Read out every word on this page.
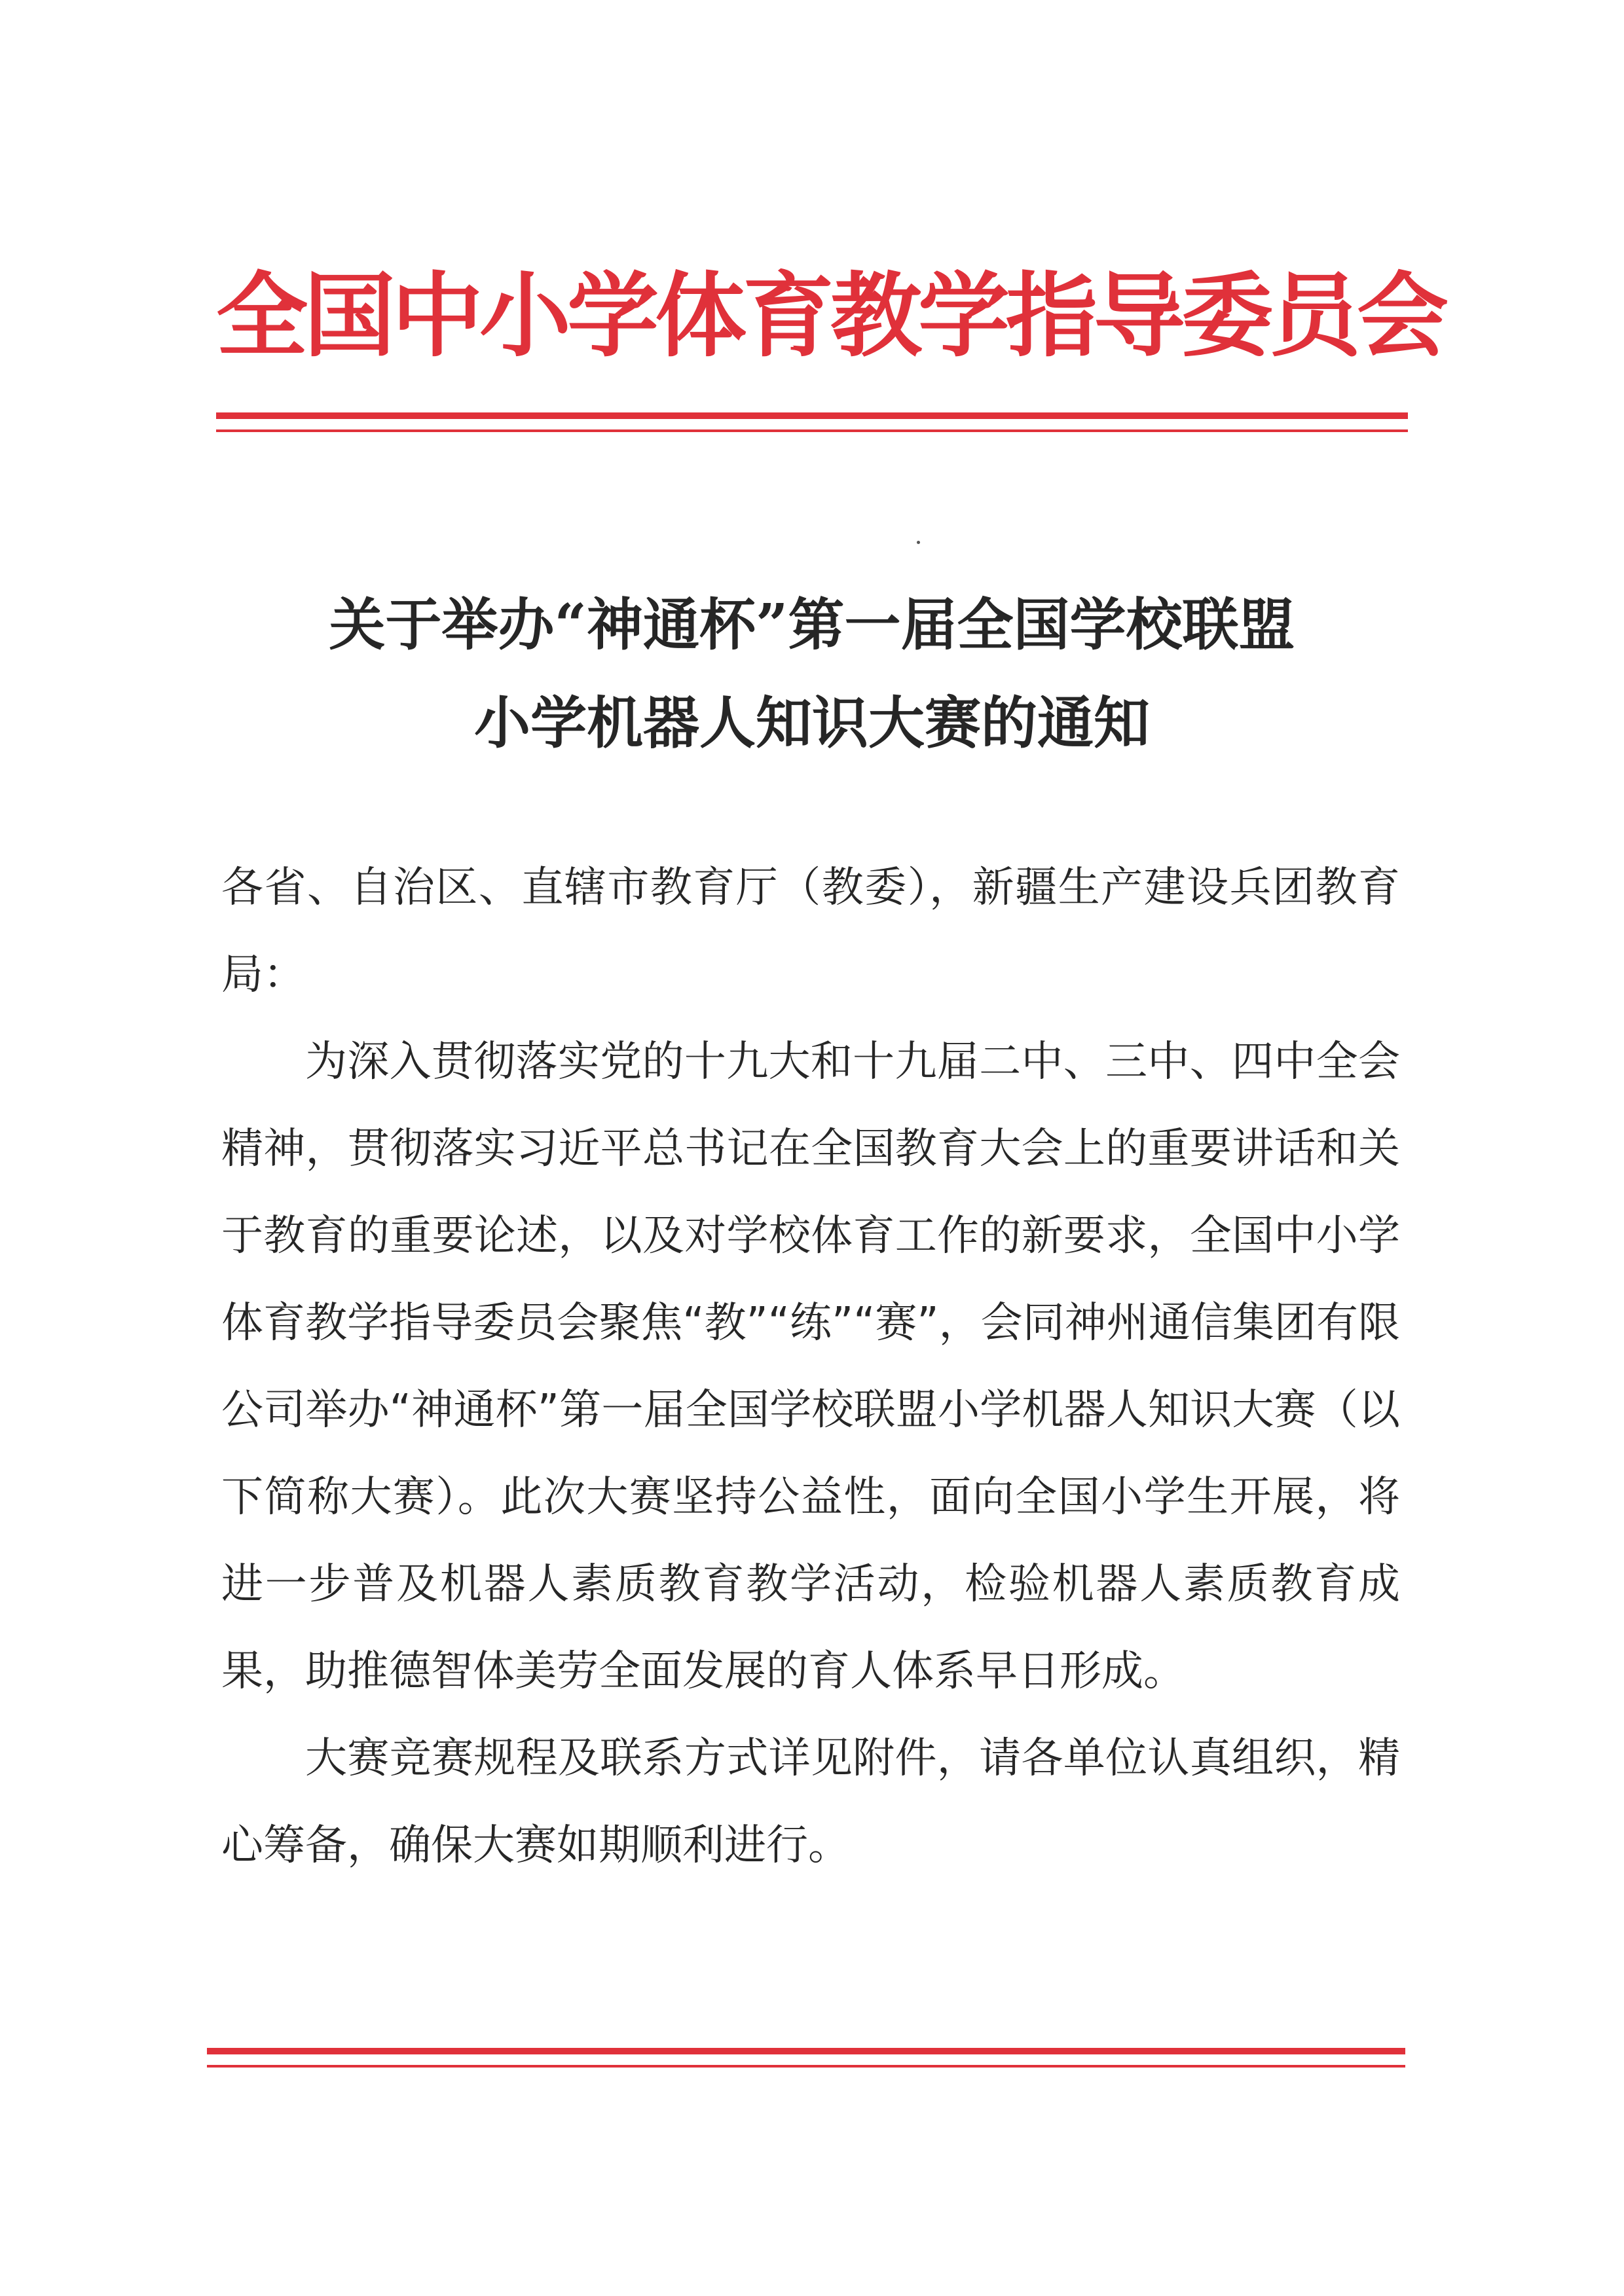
全国中小学体育教学指导委员会
关于举办“神通杯”第一届全国学校联盟
小学机器人知识大赛的通知

各省、自治区、直辖市教育厅（教委），新疆生产建设兵团教育局：

为深入贯彻落实党的十九大和十九届二中、三中、四中全会精神，贯彻落实习近平总书记在全国教育大会上的重要讲话和关于教育的重要论述，以及对学校体育工作的新要求，全国中小学体育教学指导委员会聚焦“教”“练”“赛”，会同神州通信集团有限公司举办“神通杯”第一届全国学校联盟小学机器人知识大赛（以下简称大赛）。此次大赛坚持公益性，面向全国小学生开展，将进一步普及机器人素质教育教学活动，检验机器人素质教育成果，助推德智体美劳全面发展的育人体系早日形成。

大赛竞赛规程及联系方式详见附件，请各单位认真组织，精心筹备，确保大赛如期顺利进行。
